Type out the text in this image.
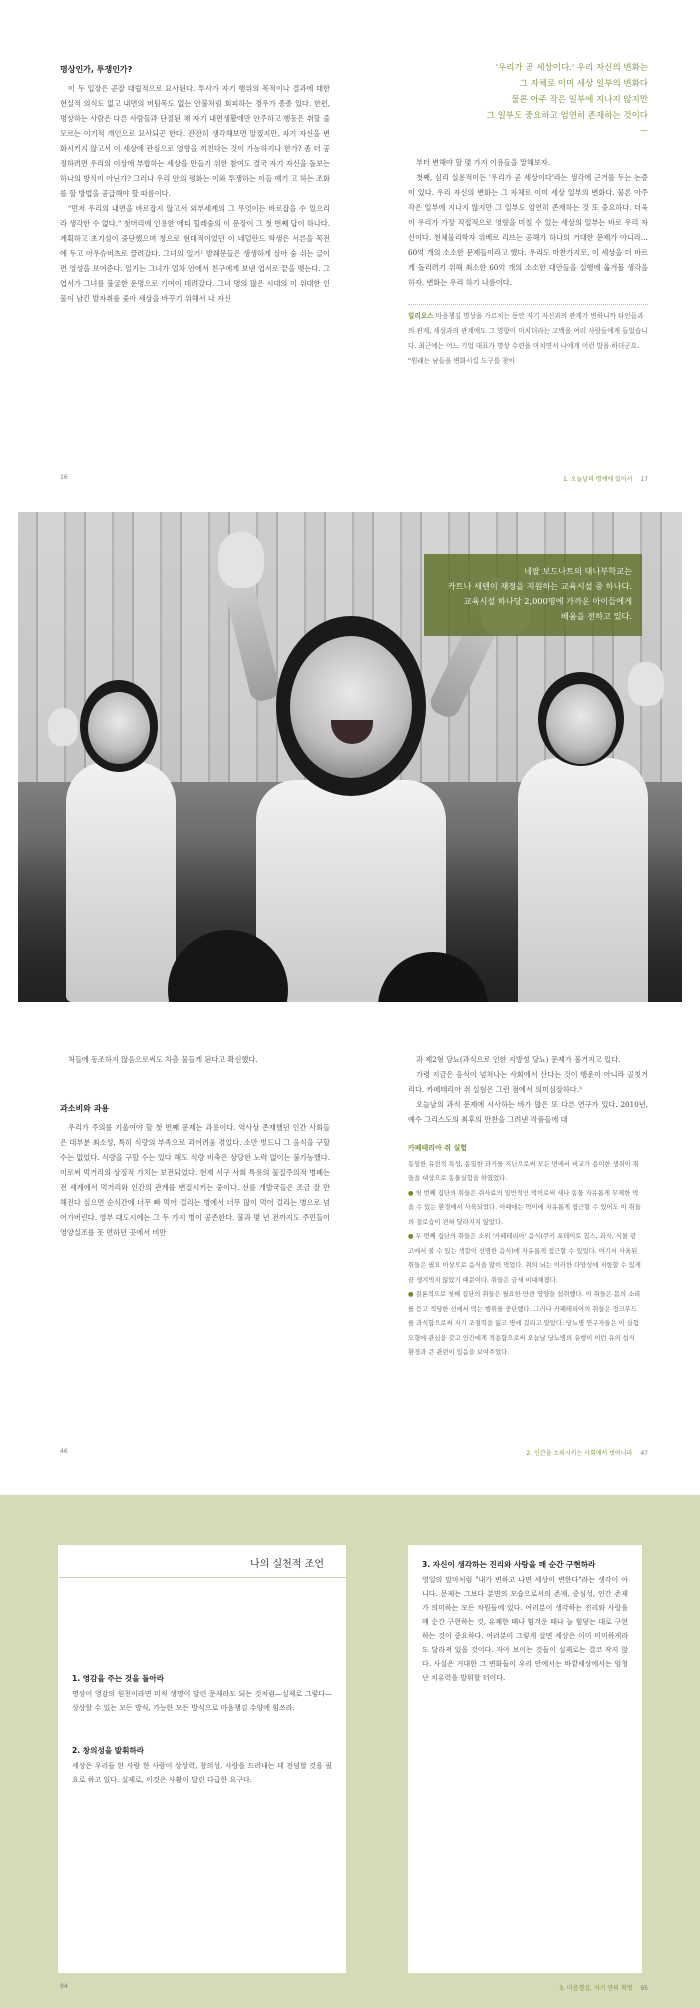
명상인가, 투쟁인가?

이 두 입장은 곧잘 대립적으로 묘사된다. 투사가 자기 행위의 목적이나 결과에 대한 현실적 의식도 없고 내면의 버팀목도 없는 안불처럼 회피하는 경우가 종종 있다. 한편, 명상하는 사람은 다른 사람들과 단절된 채 자기 내면생활에만 안주하고 행동은 취할 줄 모르는 이기적 개인으로 묘사되곤 한다. 잔잔히 생각해보면 알겠지만, 자기 자신을 변화시키지 않고서 이 세상에 관심으로 영향을 끼친다는 것이 가능하기나 한가? 좀 더 공정하려면 우리의 이상에 부합하는 세상을 만들기 위한 참여도 결국 자기 자신을 돌보는 하나의 방식이 아닌가? 그러나 우리 안의 평화는 이와 투쟁하는 이들 얘기 고 하는 조화를 할 방법을 공급해야 할 따름이다.

"먼저 우리의 내면을 바로잡지 않고서 외부세계의 그 무엇이든 바로잡을 수 있으리라 생각한 수 없다." 첫머리에 인용한 에티 힐레숨의 이 문장이 그 첫 번째 답이 하나다. 계획하고 초기성이 중단했으며 청으로 현대적이었던 이 네덜란드 학생은 서른을 목전에 두고 아우슈비츠로 끌려갔다. 그녀의 일기¹ 발췌문들은 생생하게 살아 숨 쉬는 글이면 영성을 보여준다. 일기는 그녀가 열차 안에서 친구에게 보낸 엽서로 끝을 맺는다. 그 엽서가 그녀를 불굴한 운명으로 기여이 데려갔다. 그녀 명의 많은 시대의 이 위대한 인물이 남긴 발자취를 좇아 세상을 바꾸기 위해서 나 자신

16
'우리가 곧 세상이다.' 우리 자신의 변화는
그 자체로 이미 세상 일부의 변화다
물론 아주 작은 일부에 지나지 않지만
그 일부도 중요하고 엄연히 존재하는 것이다
—

부터 변해야 할 몇 가지 이유들을 말해보자.

첫째, 심리 실용적이든 '우리가 곧 세상이다'라는 생각에 근거를 두는 논증이 있다. 우리 자신의 변화는 그 자체로 이미 세상 일부의 변화다. 물론 아주 작은 일부에 지나지 않지만 그 일부도 엄연히 존재하는 것 또 중요하다. 더욱이 우리가 가장 직접적으로 영향을 미칠 수 있는 세상의 일부는 바로 우리 자신이다. 천체물리학자 위베르 리브는 공해가 하나의 거대한 문제가 아니라… 60억 개의 소소한 문제들이라고 했다. 우리도 마찬가지로, 이 세상을 더 바르게 돌리려기 위해 최소한 60억 개의 소소한 대안들을 실행에 옮겨볼 생각을 하자. 변화는 우리 하기 나름이다.

일리오스 마음챙김 명상을 가르치는 동안 자기 자신과의 관계가 변하니까 타인들과의 관계, 세상과의 관계에도 그 영향이 미치더라는 고백을 여러 사람들에게 들었습니다. 최근에는 어느 기업 대표가 명상 수련을 마치면서 나에게 이런 말을 하더군요. "원래는 남들을 변화시킬 도구를 찾아
1. 오늘날의 명예에 있어서 17
네팔 보드나트의 대나부학교는
카트나 세텐이 재정을 지원하는 교육시설 중 하나다.
교육시설 하나당 2,000명에 가까운 아이들에게
배움을 전하고 있다.

처들에 동조하지 않음으로써도 차츰 물들게 된다고 확신했다.

과소비와 과용

우리가 주의를 기울여야 할 첫 번째 문제는 과용이다. 역사상 존재했던 인간 사회들은 대부분 최소성, 특히 식량의 부족으로 괴어려움 겪었다. 소만 벗드니 그 음식을 구할 수는 없었다. 식량을 구할 수는 있다 해도 식량 비축은 상당한 노력 없이는 불가능했다. 이로써 먹거리의 상징적 가치는 보전되었다. 현재 서구 사회 특유의 물질주의적 병폐는 전 세계에서 먹거리와 인간의 관계를 변질시키는 중이다. 선를 개발국들은 조금 잘 만해진다 싶으면 순식간에 너무 빠 먹어 걸리는 병에서 너무 많이 먹어 걸리는 병으로 넘어가버린다. 영부 대도시에는 그 두 가지 병이 공존한다. 불과 몇 년 전까지도 주민들이 영양실조를 못 면하던 곳에서 비만

46

과 제2형 당뇨(과식으로 인한 지방성 당뇨) 문제가 불거지고 있다.

가령 지금은 음식이 넘쳐나는 사회에서 산다는 것이 행운이 아니라 골칫거리다. 카페테리아 쥐 실험은 그런 점에서 의미심장하다.³

오늘날의 과식 문제에 시사하는 바가 많은 또 다른 연구가 있다. 2010년, 예수 그리스도의 최후의 만찬을 그려낸 작품들에 대

카페테리아 쥐 실험
동일한 유전적 특성, 동일한 과거를 지닌으로써 모든 면에서 비교가 용이한 생쥐이 취들을 대상으로 동물실험을 하였었다.
● 첫 번째 집단의 취들은 쥐사료의 일반적인 먹이로써 새나 동물 자유롭게 무제한 먹을 수 있는 환경에서 사육되었다. 이때에는 먹이에 자유롭게 접근할 수 있어도 이 취들의 결로습이 전혀 달라지지 않았다.
● 두 번째 집단의 취들은 소위 '카페테리아' 음식(쿠키 포테이토 칩스, 과자, 식물 광고에서 볼 수 있는 색깔이 선명한 음식)에 자유롭게 접근할 수 있었다. 여기서 사육된 취들은 필요 이상으로 음식을 많이 먹었다. 취의 뇌는 이러한 다양성에 저항할 수 있게끔 생겨먹지 않았기 때문이다. 취들은 금세 비대해졌다.
● 결론적으로 첫째 집단의 취들은 필요한 만큼 영양을 섭취했다. 이 취들은 몸의 소리를 듣고 적당한 선에서 먹는 행위를 중단했다. 그러나 카페테리아의 취들은 정크푸드를 과식함으로써 자기 조절력을 잃고 병에 걸리고 말았다. 당뇨병 연구자들은 이 실험 모형에 관심을 갖고 인간에게 적용함으로써 오늘날 당뇨병의 유행이 이런 유의 섭식 환경과 큰 관련이 있음을 보여주었다.
2. 인간을 소외시키는 사회에서 벗어나라 47
나의 실천적 조언
1. 영감을 주는 것을 돌아라
명상이 영감의 원천이라면 미적 생명이 달린 문제라도 되는 것처럼—실제로 그렇다—상상할 수 있는 모든 방식, 가능한 모든 방식으로 마음챙김 수양에 힘쓰라.
2. 창의성을 발휘하라
세상은 우리들 한 사람 한 사람이 상상력, 창의성, 사랑을 드러내는 데 전념할 것을 필요로 하고 있다. 실제로, 이것은 사활이 달린 다급한 요구다.
94
3. 자신이 생각하는 진리와 사랑을 매 순간 구현하라
영일의 말마처럼 "내가 변하고 나면 세상이 변한다"라는 생각이 아니다. 문제는 그보다 분면의 모습으로서의 존재, 중심성, 인간 존재가 의미하는 모든 차원들에 있다. 여러분이 생각하는 진리와 사랑을 매 순간 구현하는 것, 유쾌한 때나 힘겨운 때나 늘 힘닿는 대로 구현하는 것이 중요하다. 여러분이 그렇게 살면 세상은 이미 미미하게라도 달라져 있을 것이다. 자아 보이는 것들이 실제로는 결코 작지 않다. 사실은 거대한 그 변화들이 우리 안에서는 바깥세상에서는 엄청난 치유력을 발휘할 터이다.
3. 마음챙김, 자기 안의 혁명 95
